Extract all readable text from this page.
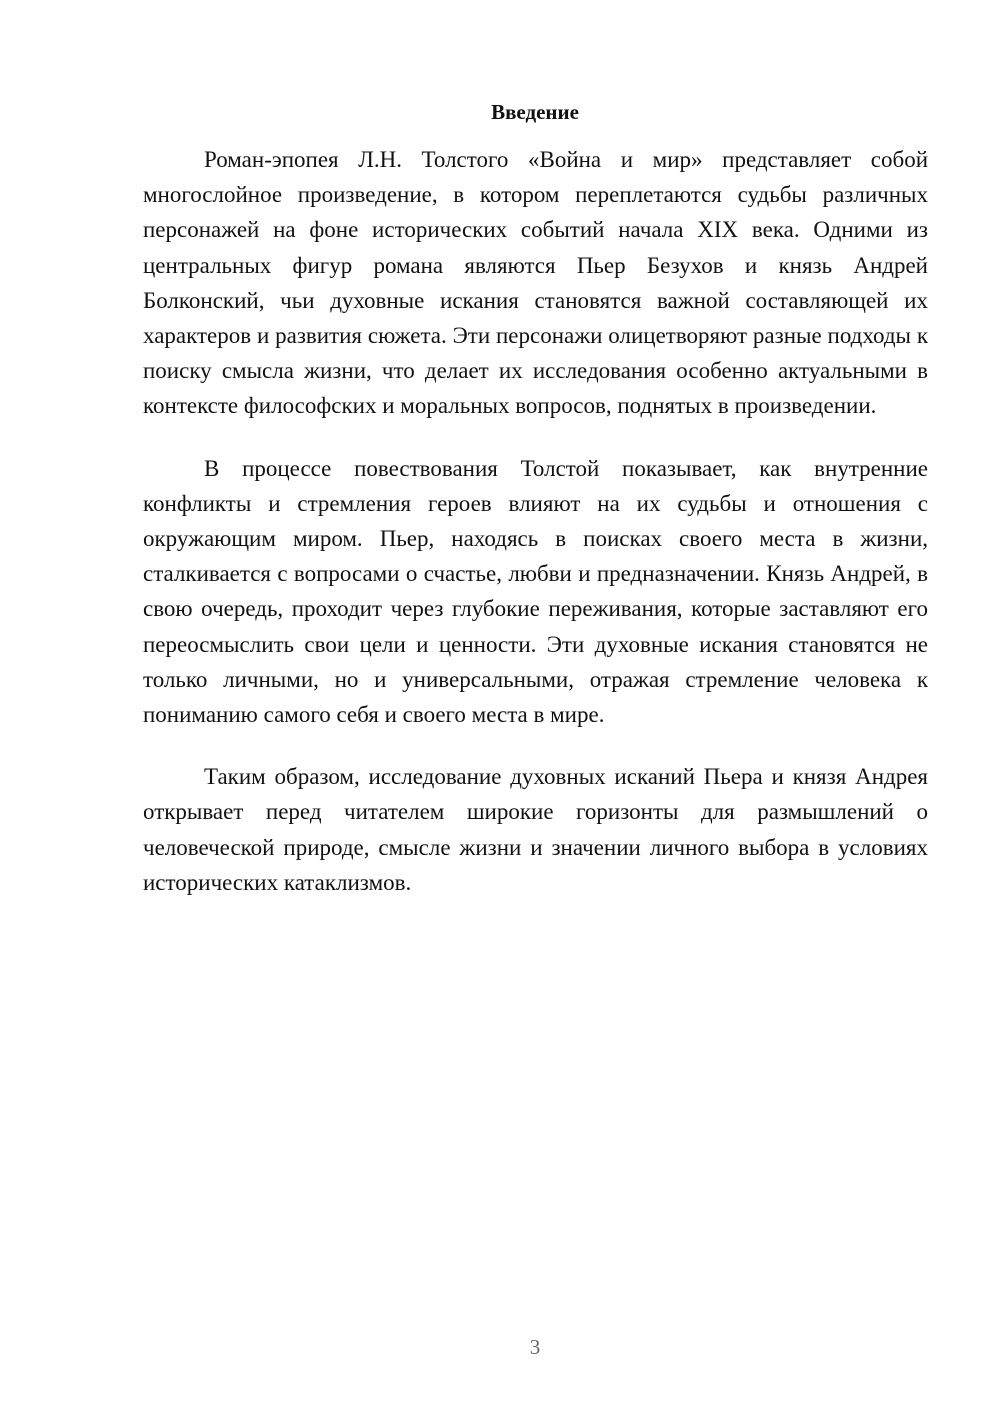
Введение

Роман-эпопея Л.Н. Толстого «Война и мир» представляет собой многослойное произведение, в котором переплетаются судьбы различных персонажей на фоне исторических событий начала XIX века. Одними из центральных фигур романа являются Пьер Безухов и князь Андрей Болконский, чьи духовные искания становятся важной составляющей их характеров и развития сюжета. Эти персонажи олицетворяют разные подходы к поиску смысла жизни, что делает их исследования особенно актуальными в контексте философских и моральных вопросов, поднятых в произведении.

В процессе повествования Толстой показывает, как внутренние конфликты и стремления героев влияют на их судьбы и отношения с окружающим миром. Пьер, находясь в поисках своего места в жизни, сталкивается с вопросами о счастье, любви и предназначении. Князь Андрей, в свою очередь, проходит через глубокие переживания, которые заставляют его переосмыслить свои цели и ценности. Эти духовные искания становятся не только личными, но и универсальными, отражая стремление человека к пониманию самого себя и своего места в мире.

Таким образом, исследование духовных исканий Пьера и князя Андрея открывает перед читателем широкие горизонты для размышлений о человеческой природе, смысле жизни и значении личного выбора в условиях исторических катаклизмов.

3
